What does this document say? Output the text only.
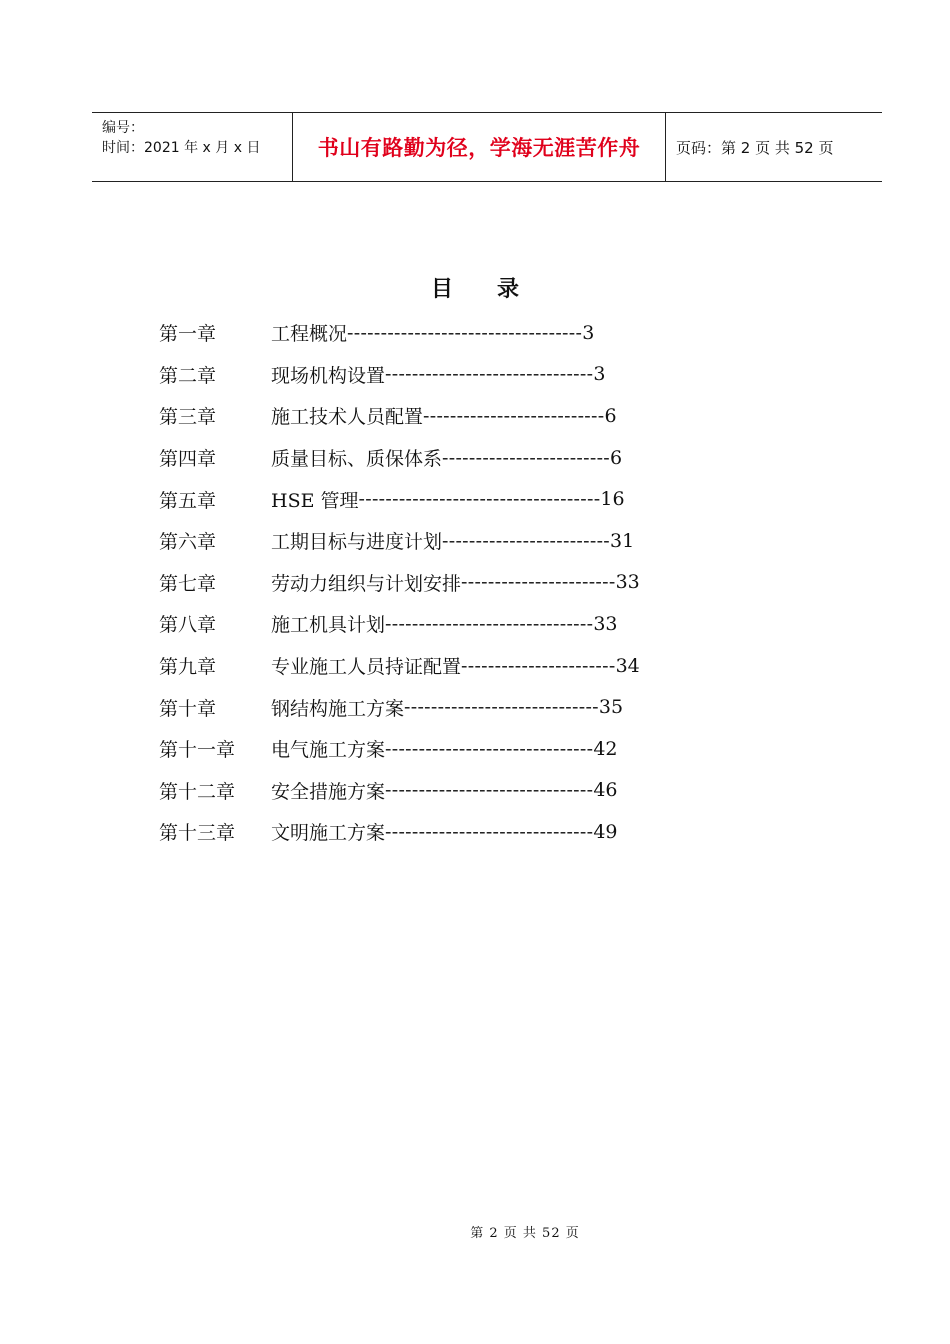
编号：
时间：2021 年 x 月 x 日	书山有路勤为径，学海无涯苦作舟 页码：第 2 页 共 52 页
目 录
第一章	工程概况 ----------------------------------- 3
第二章	现场机构设置 ------------------------------- 3
第三章	施工技术人员配置 --------------------------- 6
第四章	质量目标、质保体系 ------------------------- 6
第五章	HSE 管理 ------------------------------------ 16
第六章	工期目标与进度计划 ------------------------- 31
第七章	劳动力组织与计划安排 ----------------------- 33
第八章	施工机具计划 ------------------------------- 33
第九章	专业施工人员持证配置 ----------------------- 34
第十章	钢结构施工方案 ----------------------------- 35
第十一章	电气施工方案 ------------------------------- 42
第十二章	安全措施方案 ------------------------------- 46
第十三章	文明施工方案 ------------------------------- 49
第 2 页 共 52 页
